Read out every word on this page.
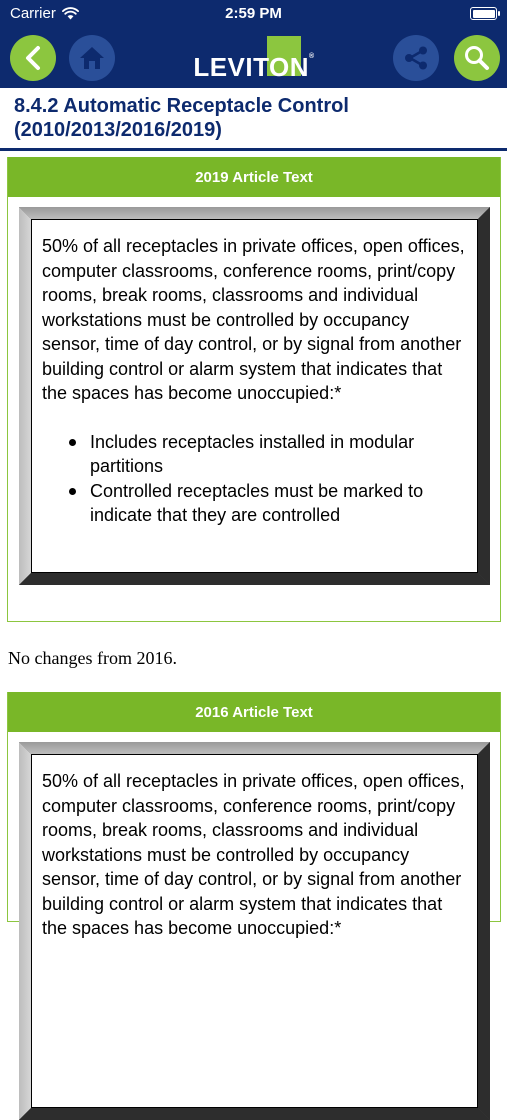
Carrier	2:59 PM
LEVITON®
8.4.2 Automatic Receptacle Control (2010/2013/2016/2019)
2019 Article Text

50% of all receptacles in private offices, open offices, computer classrooms, conference rooms, print/copy rooms, break rooms, classrooms and individual workstations must be controlled by occupancy sensor, time of day control, or by signal from another building control or alarm system that indicates that the spaces has become unoccupied:*

Includes receptacles installed in modular partitions
Controlled receptacles must be marked to indicate that they are controlled
No changes from 2016.
2016 Article Text

50% of all receptacles in private offices, open offices, computer classrooms, conference rooms, print/copy rooms, break rooms, classrooms and individual workstations must be controlled by occupancy sensor, time of day control, or by signal from another building control or alarm system that indicates that the spaces has become unoccupied:*
